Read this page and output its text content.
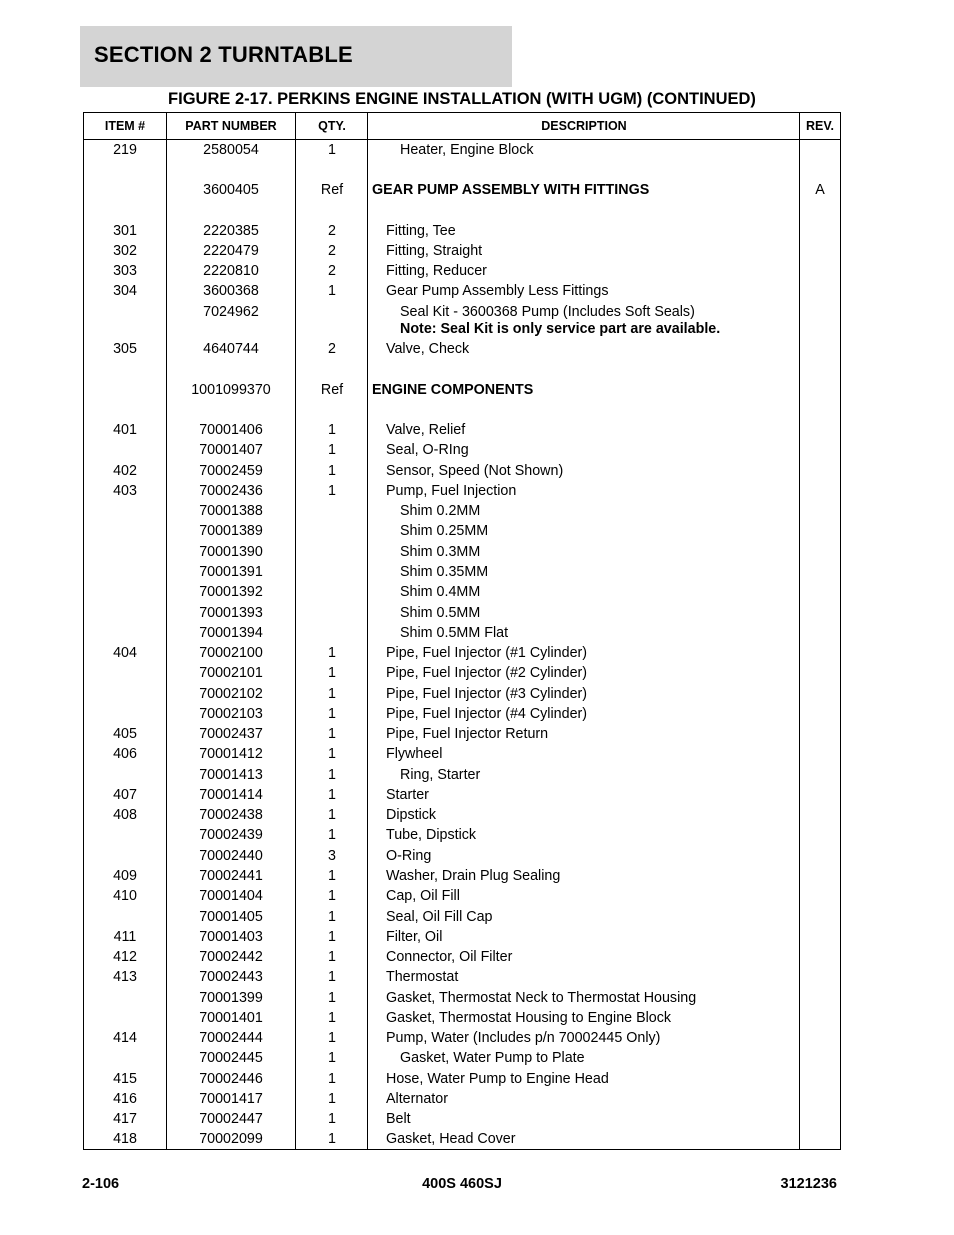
SECTION 2 TURNTABLE
FIGURE 2-17. PERKINS ENGINE INSTALLATION (WITH UGM) (CONTINUED)
ITEM #	PART NUMBER	QTY.	DESCRIPTION	REV.
219	2580054	1	Heater, Engine Block
3600405	Ref	GEAR PUMP ASSEMBLY WITH FITTINGS	A
301	2220385	2	Fitting, Tee
302	2220479	2	Fitting, Straight
303	2220810	2	Fitting, Reducer
304	3600368	1	Gear Pump Assembly Less Fittings
7024962	Seal Kit - 3600368 Pump (Includes Soft Seals)
Note: Seal Kit is only service part are available.
305	4640744	2	Valve, Check
1001099370	Ref	ENGINE COMPONENTS
401	70001406	1	Valve, Relief
70001407	1	Seal, O-RIng
402	70002459	1	Sensor, Speed (Not Shown)
403	70002436	1	Pump, Fuel Injection
70001388	Shim 0.2MM
70001389	Shim 0.25MM
70001390	Shim 0.3MM
70001391	Shim 0.35MM
70001392	Shim 0.4MM
70001393	Shim 0.5MM
70001394	Shim 0.5MM Flat
404	70002100	1	Pipe, Fuel Injector (#1 Cylinder)
70002101	1	Pipe, Fuel Injector (#2 Cylinder)
70002102	1	Pipe, Fuel Injector (#3 Cylinder)
70002103	1	Pipe, Fuel Injector (#4 Cylinder)
405	70002437	1	Pipe, Fuel Injector Return
406	70001412	1	Flywheel
70001413	1	Ring, Starter
407	70001414	1	Starter
408	70002438	1	Dipstick
70002439	1	Tube, Dipstick
70002440	3	O-Ring
409	70002441	1	Washer, Drain Plug Sealing
410	70001404	1	Cap, Oil Fill
70001405	1	Seal, Oil Fill Cap
411	70001403	1	Filter, Oil
412	70002442	1	Connector, Oil Filter
413	70002443	1	Thermostat
70001399	1	Gasket, Thermostat Neck to Thermostat Housing
70001401	1	Gasket, Thermostat Housing to Engine Block
414	70002444	1	Pump, Water (Includes p/n 70002445 Only)
70002445	1	Gasket, Water Pump to Plate
415	70002446	1	Hose, Water Pump to Engine Head
416	70001417	1	Alternator
417	70002447	1	Belt
418	70002099	1	Gasket, Head Cover
2-106	400S 460SJ	3121236
